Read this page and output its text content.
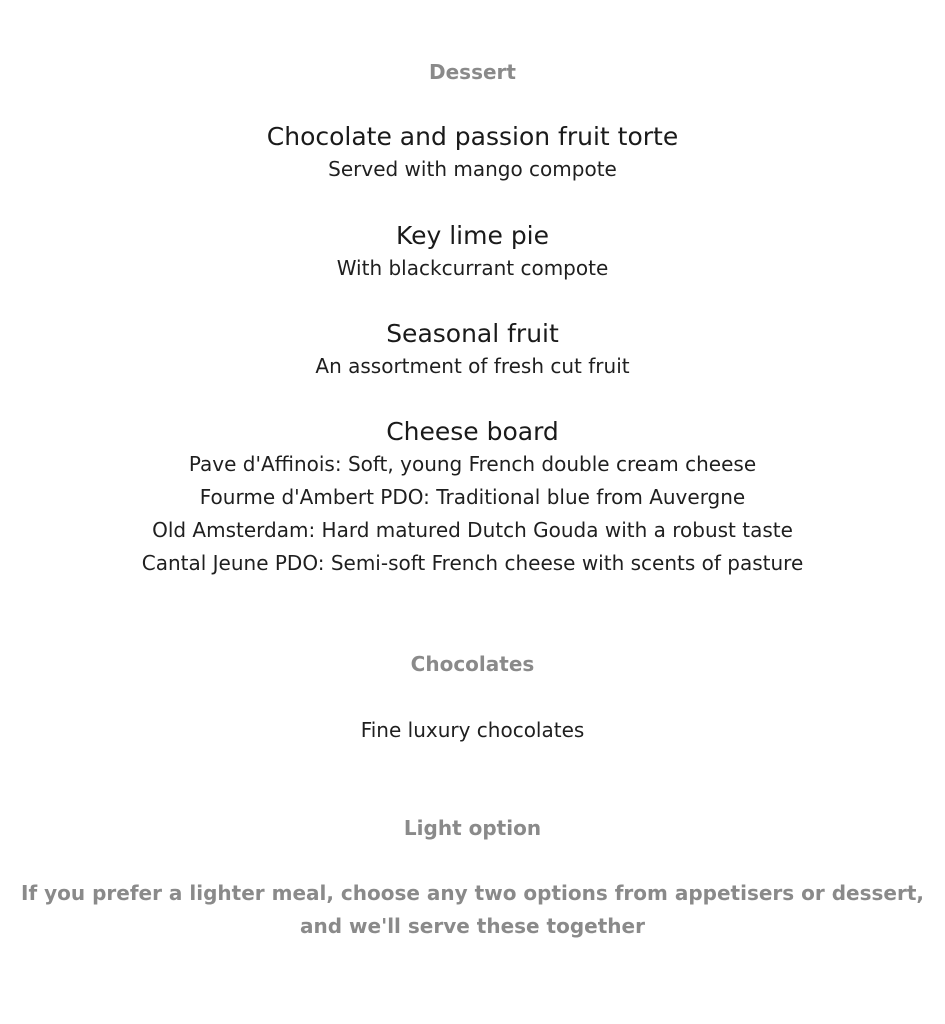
Dessert

Chocolate and passion fruit torte

Served with mango compote

Key lime pie

With blackcurrant compote

Seasonal fruit

An assortment of fresh cut fruit

Cheese board

Pave d'Affinois: Soft, young French double cream cheese

Fourme d'Ambert PDO: Traditional blue from Auvergne

Old Amsterdam: Hard matured Dutch Gouda with a robust taste

Cantal Jeune PDO: Semi-soft French cheese with scents of pasture

Chocolates

Fine luxury chocolates

Light option

If you prefer a lighter meal, choose any two options from appetisers or dessert,

and we'll serve these together
